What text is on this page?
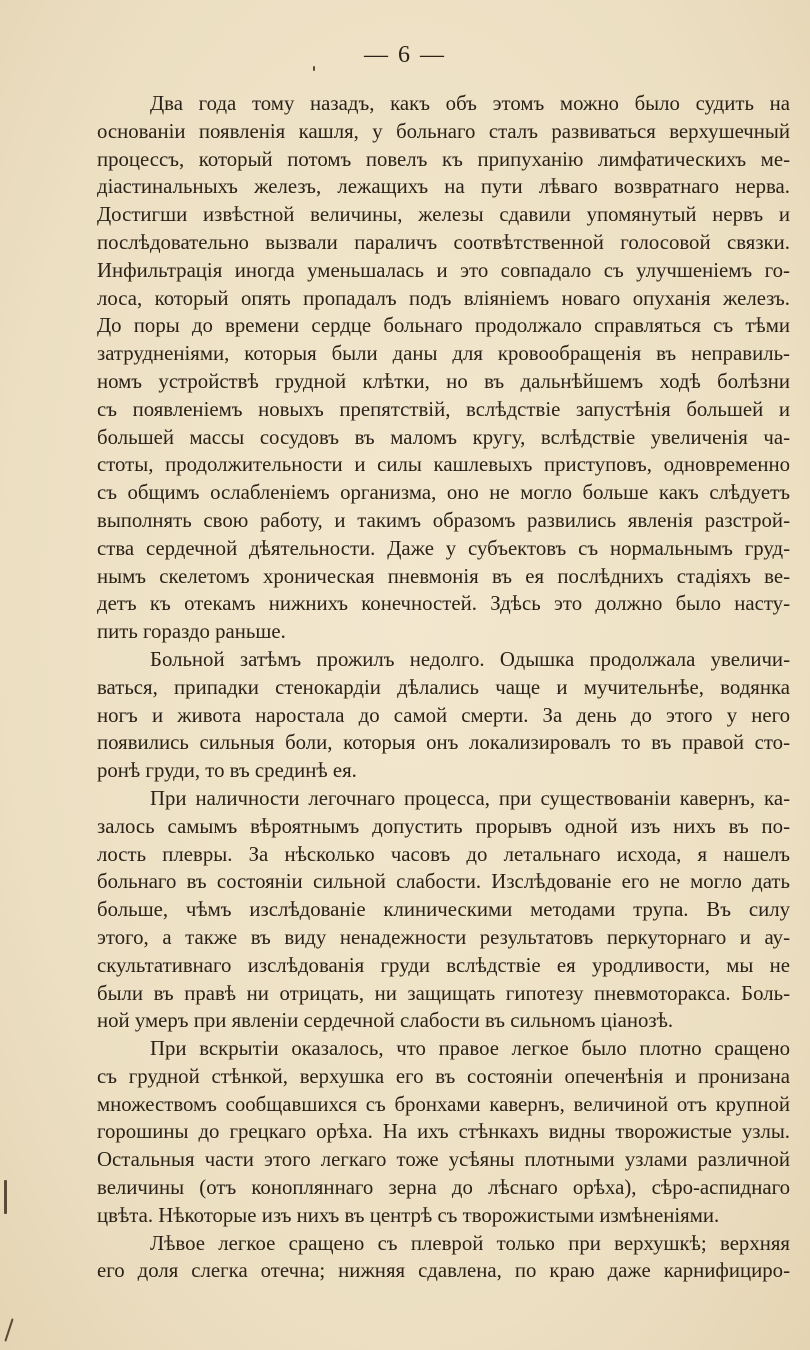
— 6 —
Два года тому назадъ, какъ объ этомъ можно было судить на
основаніи появленія кашля, у больнаго сталъ развиваться верхушечный
процессъ, который потомъ повелъ къ припуханію лимфатическихъ ме-
діастинальныхъ железъ, лежащихъ на пути лѣваго возвратнаго нерва.
Достигши извѣстной величины, железы сдавили упомянутый нервъ и
послѣдовательно вызвали параличъ соотвѣтственной голосовой связки.
Инфильтрація иногда уменьшалась и это совпадало съ улучшеніемъ го-
лоса, который опять пропадалъ подъ вліяніемъ новаго опуханія железъ.
До поры до времени сердце больнаго продолжало справляться съ тѣми
затрудненіями, которыя были даны для кровообращенія въ неправиль-
номъ устройствѣ грудной клѣтки, но въ дальнѣйшемъ ходѣ болѣзни
съ появленіемъ новыхъ препятствій, вслѣдствіе запустѣнія большей и
большей массы сосудовъ въ маломъ кругу, вслѣдствіе увеличенія ча-
стоты, продолжительности и силы кашлевыхъ приступовъ, одновременно
съ общимъ ослабленіемъ организма, оно не могло больше какъ слѣдуетъ
выполнять свою работу, и такимъ образомъ развились явленія разстрой-
ства сердечной дѣятельности. Даже у субъектовъ съ нормальнымъ груд-
нымъ скелетомъ хроническая пневмонія въ ея послѣднихъ стадіяхъ ве-
детъ къ отекамъ нижнихъ конечностей. Здѣсь это должно было насту-
пить гораздо раньше.
Больной затѣмъ прожилъ недолго. Одышка продолжала увеличи-
ваться, припадки стенокардіи дѣлались чаще и мучительнѣе, водянка
ногъ и живота наростала до самой смерти. За день до этого у него
появились сильныя боли, которыя онъ локализировалъ то въ правой сто-
ронѣ груди, то въ срединѣ ея.
При наличности легочнаго процесса, при существованіи кавернъ, ка-
залось самымъ вѣроятнымъ допустить прорывъ одной изъ нихъ въ по-
лость плевры. За нѣсколько часовъ до летальнаго исхода, я нашелъ
больнаго въ состояніи сильной слабости. Изслѣдованіе его не могло дать
больше, чѣмъ изслѣдованіе клиническими методами трупа. Въ силу
этого, а также въ виду ненадежности результатовъ перкуторнаго и ау-
скультативнаго изслѣдованія груди вслѣдствіе ея уродливости, мы не
были въ правѣ ни отрицать, ни защищать гипотезу пневмоторакса. Боль-
ной умеръ при явленіи сердечной слабости въ сильномъ ціанозѣ.
При вскрытіи оказалось, что правое легкое было плотно сращено
съ грудной стѣнкой, верхушка его въ состояніи опеченѣнія и пронизана
множествомъ сообщавшихся съ бронхами кавернъ, величиной отъ крупной
горошины до грецкаго орѣха. На ихъ стѣнкахъ видны творожистые узлы.
Остальныя части этого легкаго тоже усѣяны плотными узлами различной
величины (отъ конопляннаго зерна до лѣснаго орѣха), сѣро-аспиднаго
цвѣта. Нѣкоторые изъ нихъ въ центрѣ съ творожистыми измѣненіями.
Лѣвое легкое сращено съ плеврой только при верхушкѣ; верхняя
его доля слегка отечна; нижняя сдавлена, по краю даже карнифициро-
